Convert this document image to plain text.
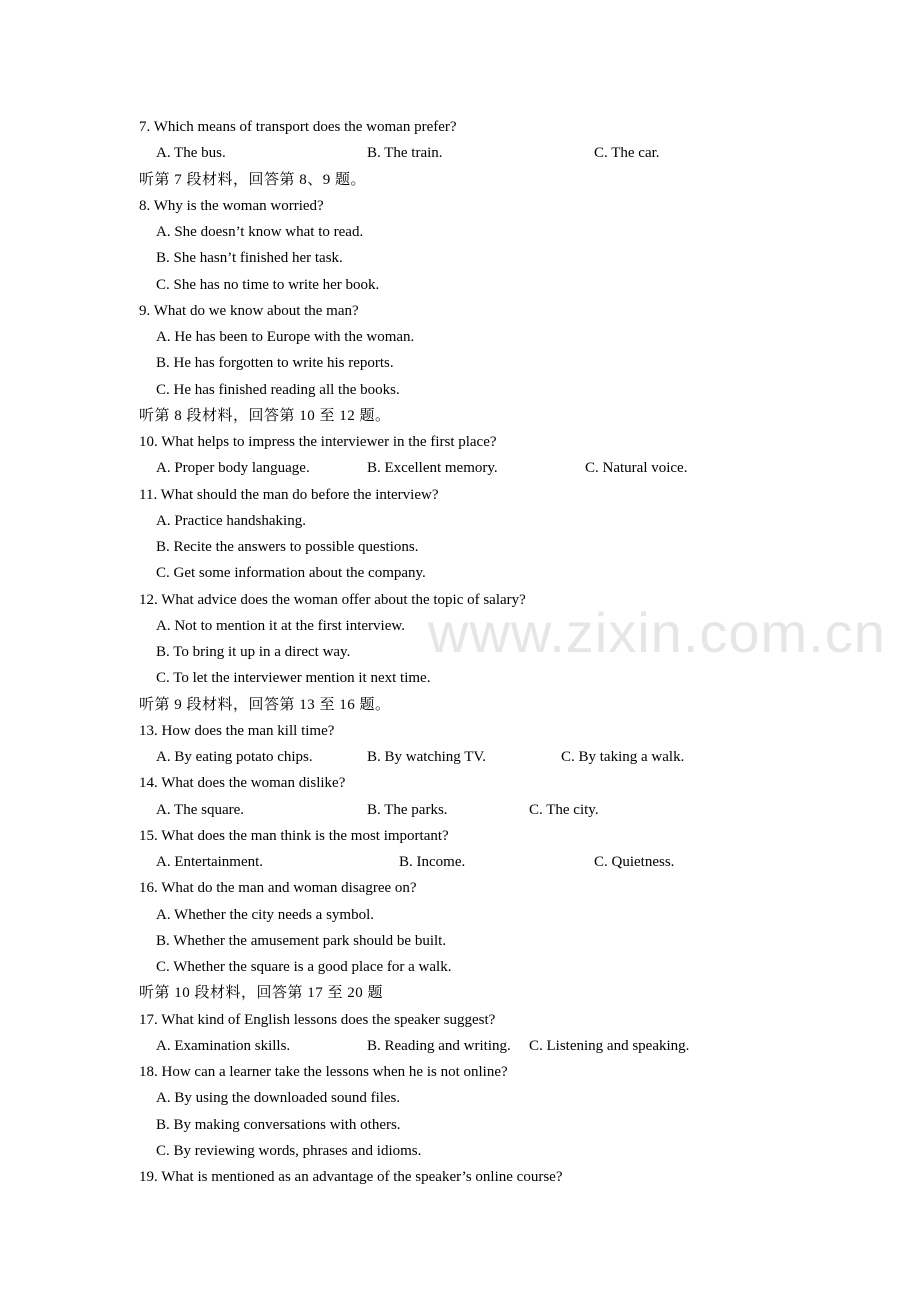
7. Which means of transport does the woman prefer?
A. The bus.	B. The train.	C. The car.
听第 7 段材料，回答第 8、9 题。
8. Why is the woman worried?
A. She doesn’t know what to read.
B. She hasn’t finished her task.
C. She has no time to write her book.
9. What do we know about the man?
A. He has been to Europe with the woman.
B. He has forgotten to write his reports.
C. He has finished reading all the books.
听第 8 段材料，回答第 10 至 12 题。
10. What helps to impress the interviewer in the first place?
A. Proper body language.	B. Excellent memory.	C. Natural voice.
11. What should the man do before the interview?
A. Practice handshaking.
B. Recite the answers to possible questions.
C. Get some information about the company.
12. What advice does the woman offer about the topic of salary?
A. Not to mention it at the first interview.
B. To bring it up in a direct way.
C. To let the interviewer mention it next time.
听第 9 段材料，回答第 13 至 16 题。
13. How does the man kill time?
A. By eating potato chips.	B. By watching TV.	C. By taking a walk.
14. What does the woman dislike?
A. The square.	B. The parks.	C. The city.
15. What does the man think is the most important?
A. Entertainment.	B. Income.	C. Quietness.
16. What do the man and woman disagree on?
A. Whether the city needs a symbol.
B. Whether the amusement park should be built.
C. Whether the square is a good place for a walk.
听第 10 段材料，回答第 17 至 20 题
17. What kind of English lessons does the speaker suggest?
A. Examination skills.	B. Reading and writing. C. Listening and speaking.
18. How can a learner take the lessons when he is not online?
A. By using the downloaded sound files.
B. By making conversations with others.
C. By reviewing words, phrases and idioms.
19. What is mentioned as an advantage of the speaker’s online course?
www.zixin.com.cn
